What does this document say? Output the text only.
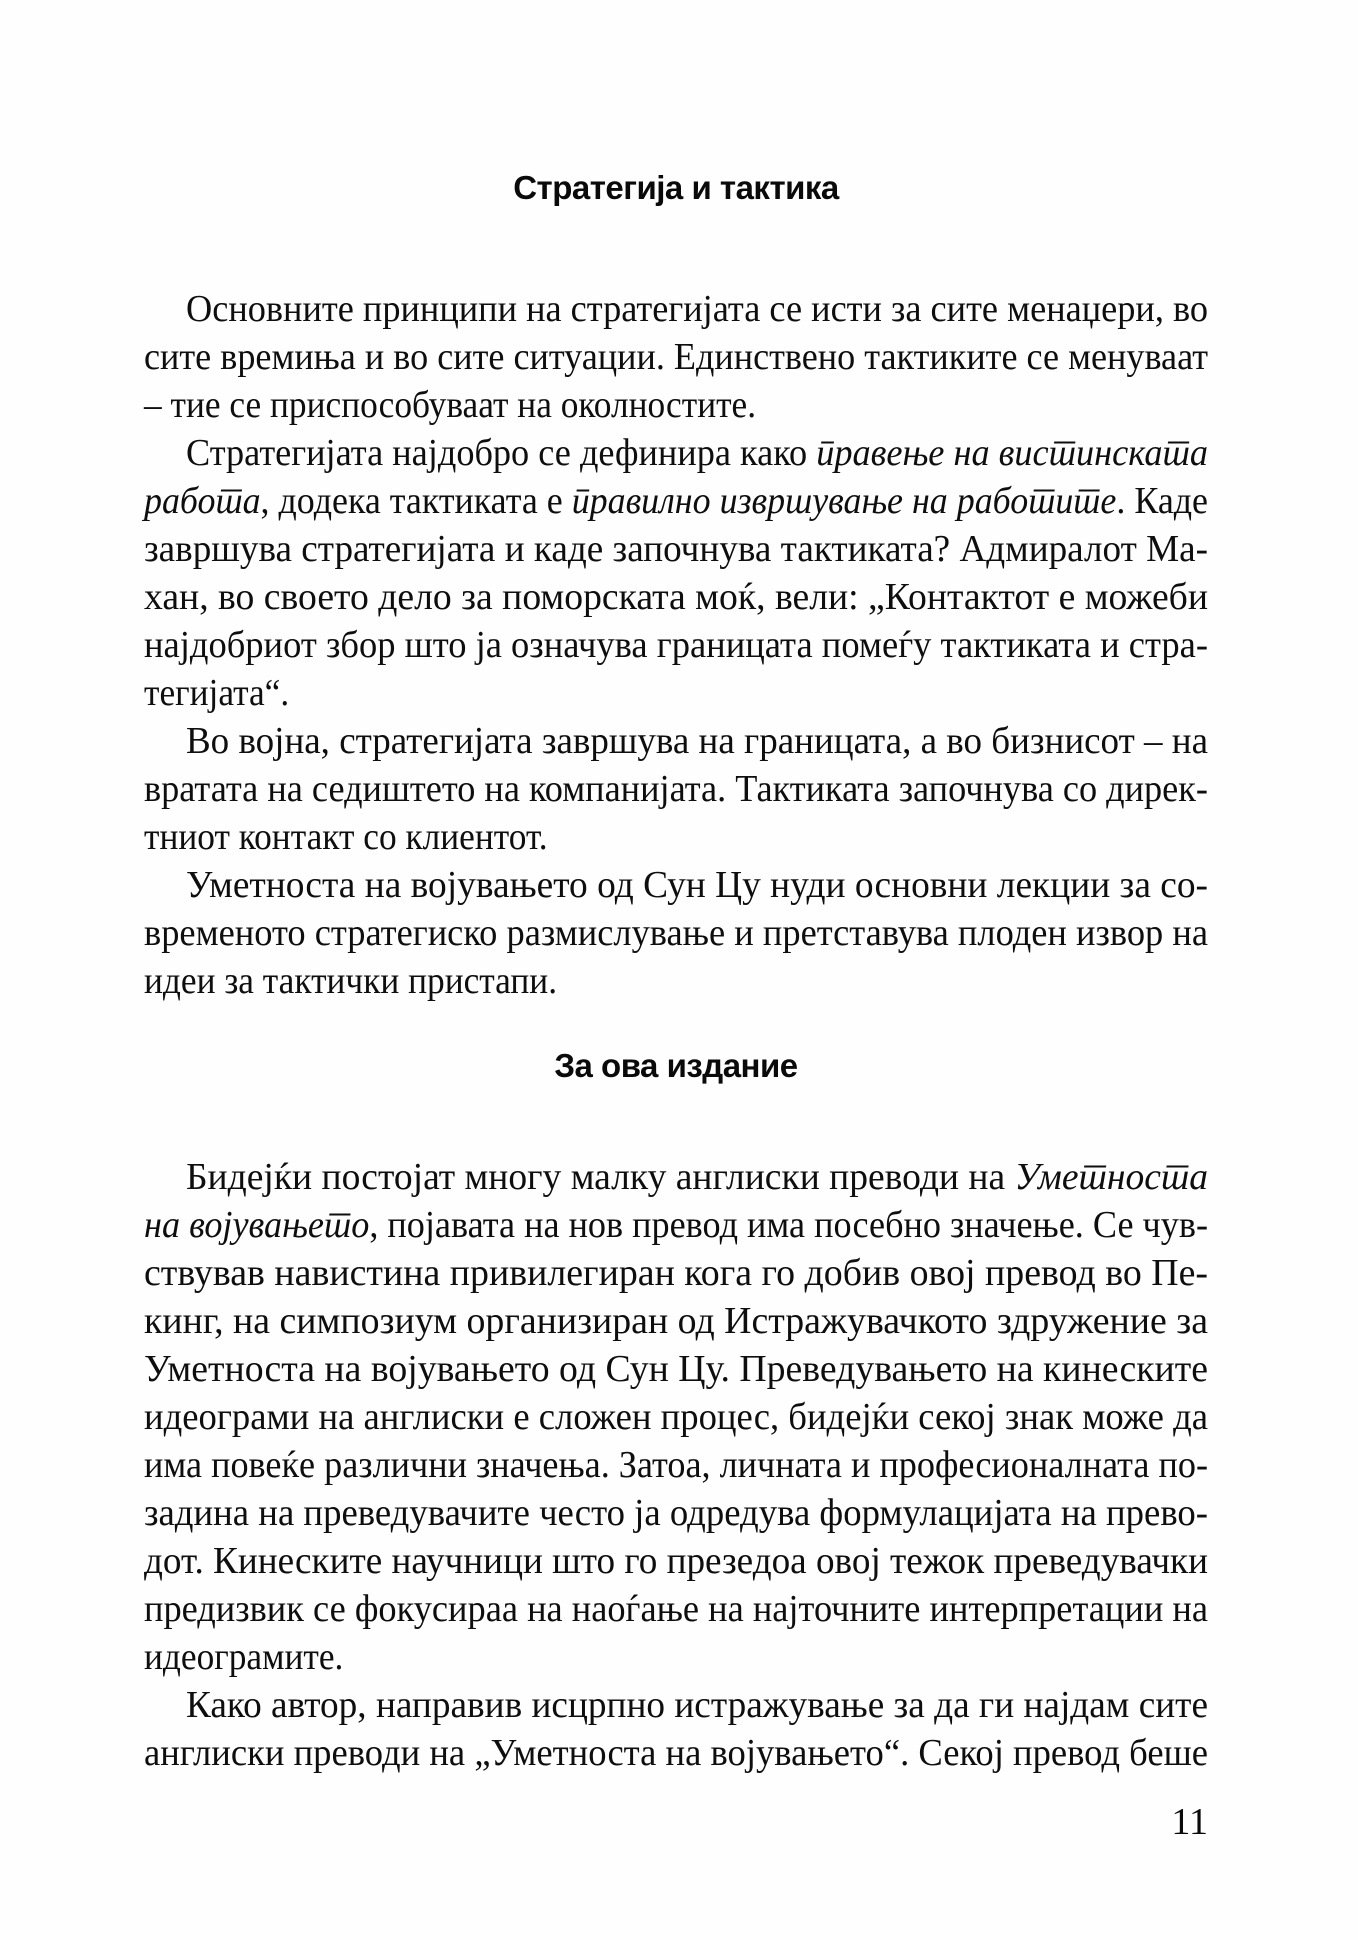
Стратегија и тактика
Основните принципи на стратегијата се исти за сите менаџери, во
сите времиња и во сите ситуации. Единствено тактиките се менуваат
– тие се приспособуваат на околностите.
Стратегијата најдобро се дефинира како правење на вистинската
работа, додека тактиката е правилно извршување на работите. Каде
завршува стратегијата и каде започнува тактиката? Адмиралот Ма-
хан, во своето дело за поморската моќ, вели: „Контактот е можеби
најдобриот збор што ја означува границата помеѓу тактиката и стра-
тегијата“.
Во војна, стратегијата завршува на границата, а во бизнисот – на
вратата на седиштето на компанијата. Тактиката започнува со дирек-
тниот контакт со клиентот.
Уметноста на војувањето од Сун Цу нуди основни лекции за со-
временото стратегиско размислување и претставува плоден извор на
идеи за тактички пристапи.
За ова издание
Бидејќи постојат многу малку англиски преводи на Уметноста
на војувањето, појавата на нов превод има посебно значење. Се чув-
ствував навистина привилегиран кога го добив овој превод во Пе-
кинг, на симпозиум организиран од Истражувачкото здружение за
Уметноста на војувањето од Сун Цу. Преведувањето на кинеските
идеограми на англиски е сложен процес, бидејќи секој знак може да
има повеќе различни значења. Затоа, личната и професионалната по-
задина на преведувачите често ја одредува формулацијата на прево-
дот. Кинеските научници што го презедоа овој тежок преведувачки
предизвик се фокусираа на наоѓање на најточните интерпретации на
идеограмите.
Како автор, направив исцрпно истражување за да ги најдам сите
англиски преводи на „Уметноста на војувањето“. Секој превод беше
11
